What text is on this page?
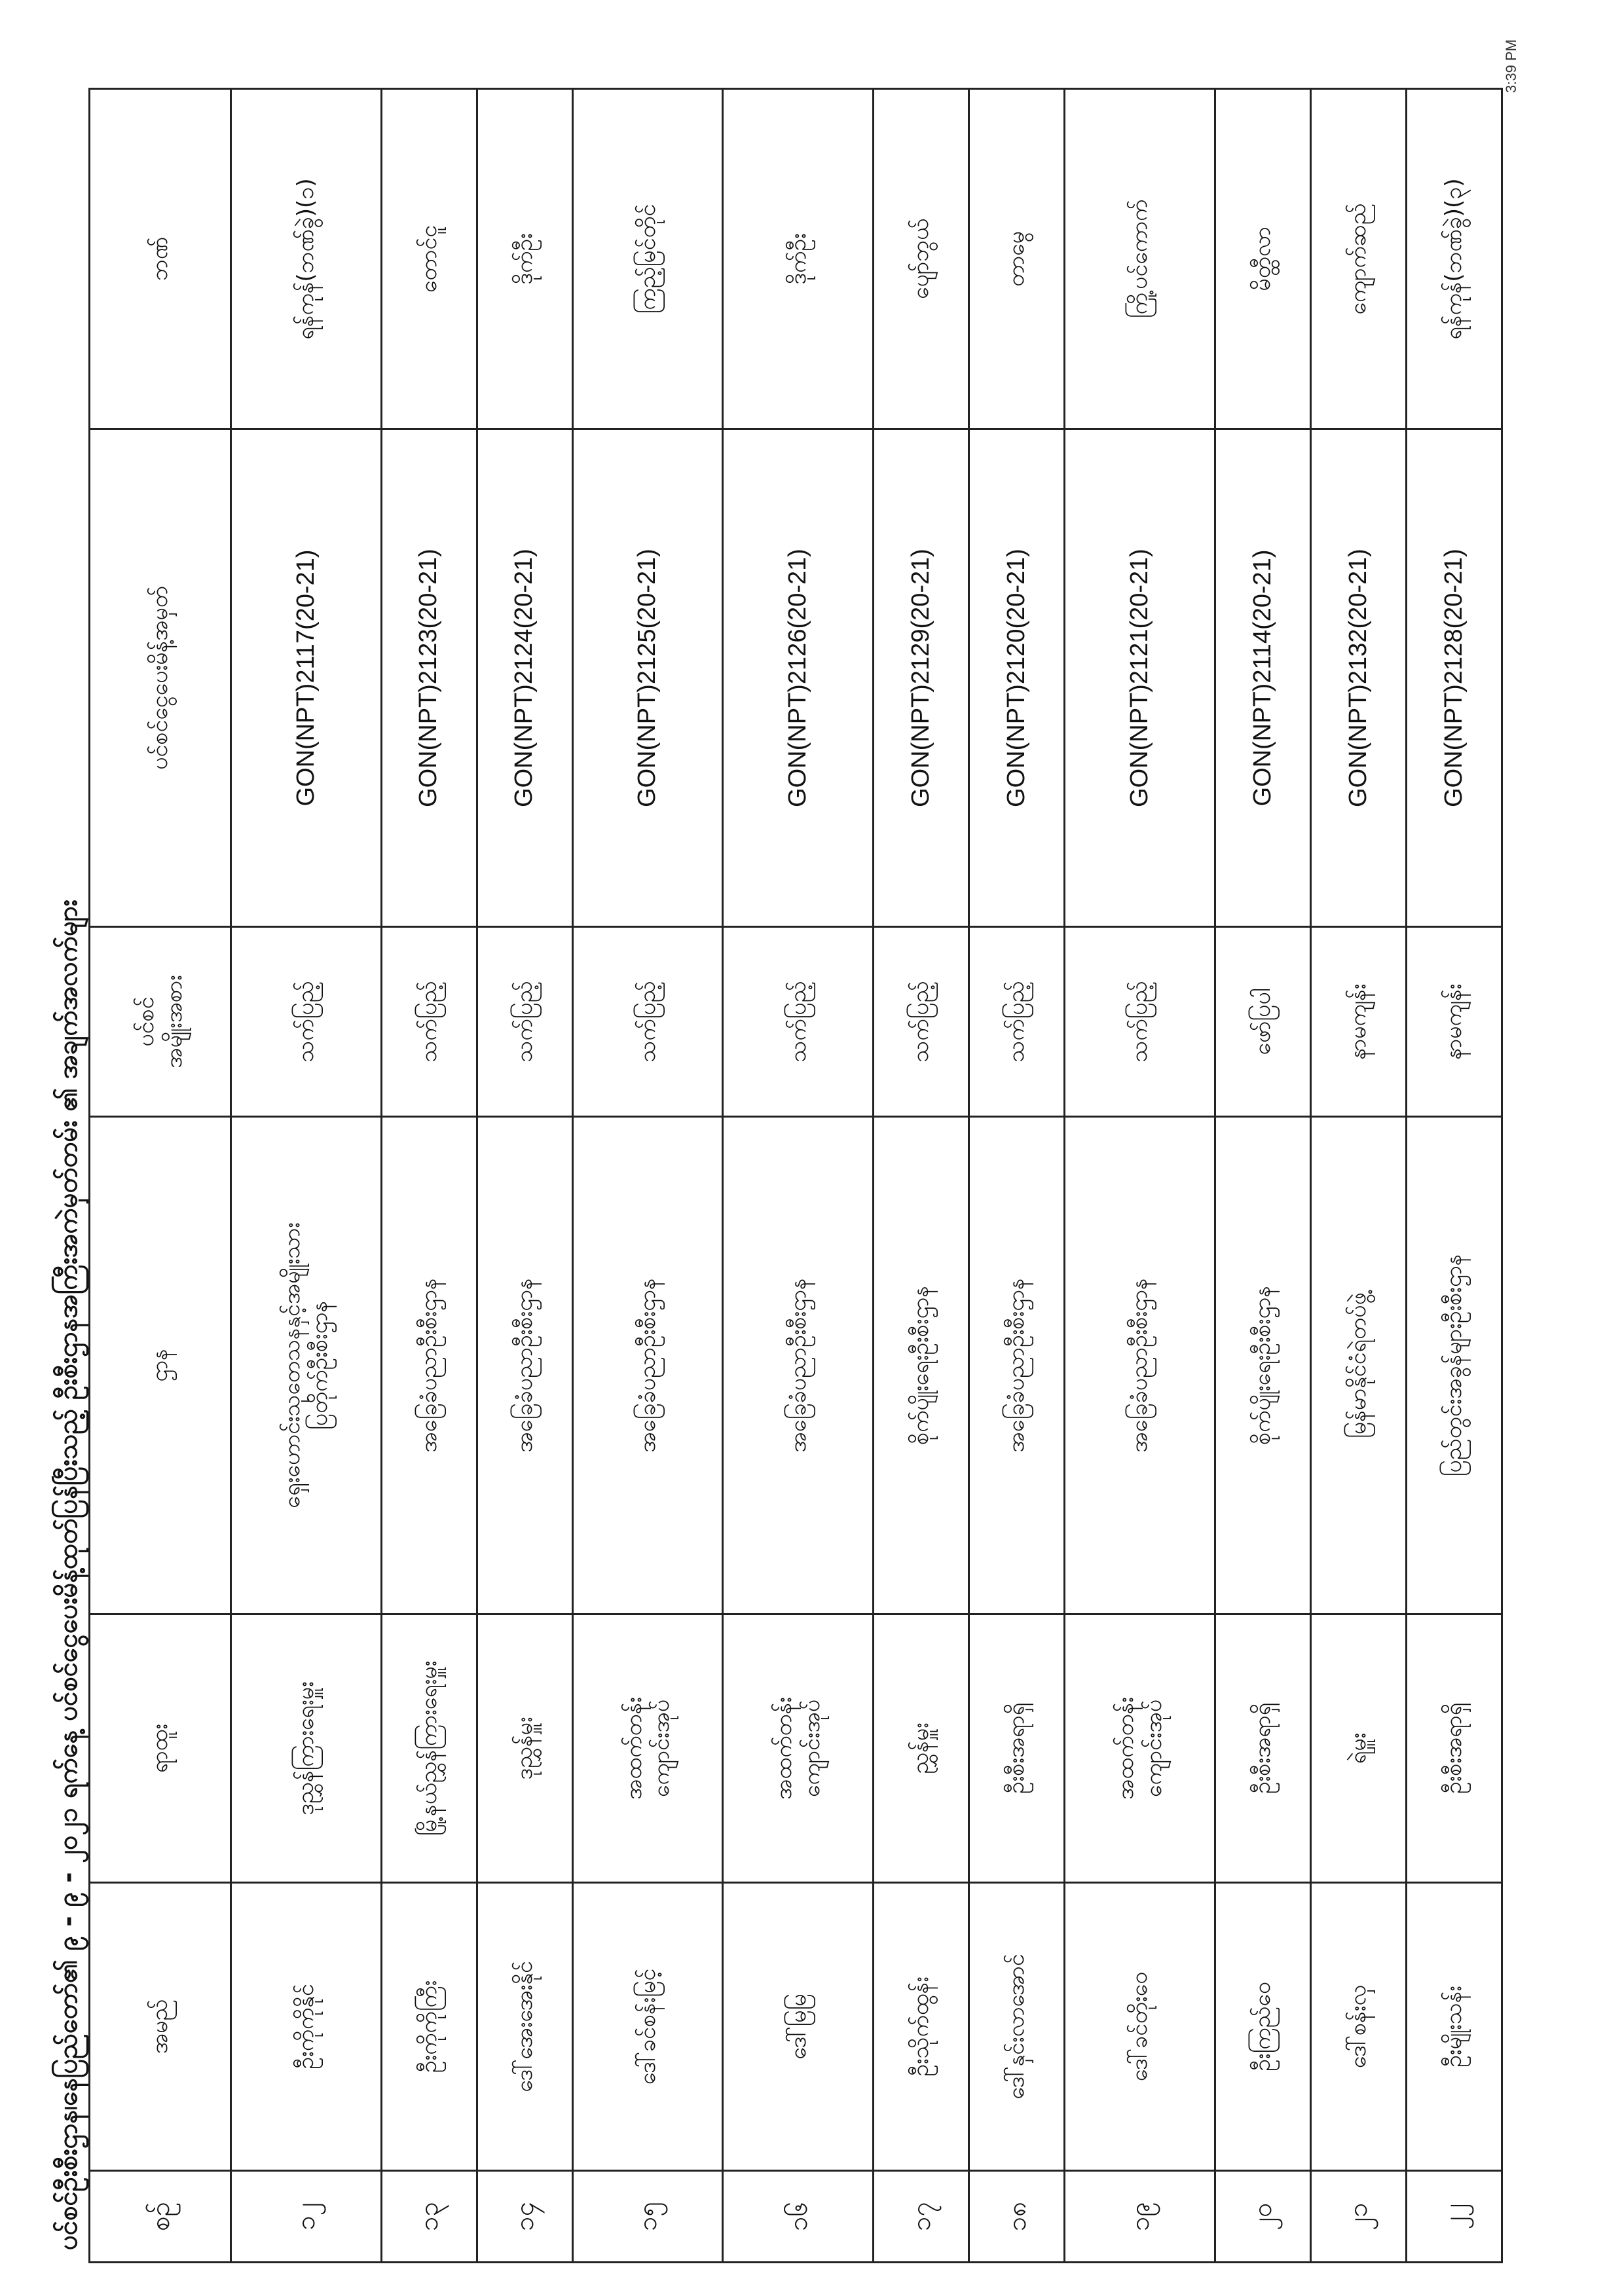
ပင်စင်ဦးစီးဌာန၊နေပြည်တော်၏ ၉ - ၉ - ၂၀၂၁ ရက်နေ့ ပင်စင်ငွေပေးမိန့်ထုတ်ပြန်ပြီးသည့် ဦးစီးဌာနအကြီးအကဲမှတ်တမ်း ၏ အချက်အလက်များ စဉ်	အမည်	ရာထူး	ဌာန	ပင်စင်
အမျိုးအစား	ပင်စင်ငွေပေးမိန့်အမှတ်	ဘဏ်
၁၂	ဦးကိုကိုနိုင်	ဒုညွှန်ကြားရေးမှူး	ရှေးဟောင်းသုတေသနနှင့်အမျိုးသား
ပြတိုက်ဦးစီးဌာန	သက်ပြည့်	GON(NPT)2117(20-21)	ရန်ကုန်(ဘဏ်ခွဲ)(၁)
၁၃	ဦးကိုကိုကြီး	မြို့နယ်ညွှန်ကြားရေးမှူး	အခြေခံပညာဦးစီးဌာန	သက်ပြည့်	GON(NPT)2123(20-21)	တောင်ငူ
၁၄	ဒေါ်အေးအေးနိုင်	ဒုညွှန်မှူး	အခြေခံပညာဦးစီးဌာန	သက်ပြည့်	GON(NPT)2124(20-21)	ဒိုက်ဦး
၁၅	ဒေါ်ခင်စန်းမြင့်	အထက်တန်း
ကျောင်းအုပ်	အခြေခံပညာဦးစီးဌာန	သက်ပြည့်	GON(NPT)2125(20-21)	ကြည့်မြင်တိုင်
၁၆	ဒေါ်မြမြ	အထက်တန်း
ကျောင်းအုပ်	အခြေခံပညာဦးစီးဌာန	သက်ပြည့်	GON(NPT)2126(20-21)	ဒိုက်ဦး
၁၇	ဦးသိုက်ထွန်း	ညွှန်မှူး	စိုက်ပျိုးရေးဦးစီးဌာန	သက်ပြည့်	GON(NPT)2129(20-21)	ပျော်ဘွယ်
၁၈	ဒေါ်နှင်းလာအောင်	ဦးစီးအရာရှိ	အခြေခံပညာဦးစီးဌာန	သက်ပြည့်	GON(NPT)2120(20-21)	တာမွေ
၁၉	ဒေါ်ခင်တိုးဝေ	အထက်တန်း
ကျောင်းအုပ်	အခြေခံပညာဦးစီးဌာန	သက်ပြည့်	GON(NPT)2121(20-21)	ကြို့ပင်ကောက်
၂၀	ဦးကြည်ဝေ	ဦးစီးအရာရှိ	စိုက်ပျိုးရေးဦးစီးဌာန	ဖော်ပြပါ	GON(NPT)2114(20-21)	မိတ္ထီလာ
၂၁	ဒေါ်စန်းလှ	ရဲမှူး	မြန်မာနိုင်ငံရဲတပ်ဖွဲ့	နာမကျန်း	GON(NPT)2132(20-21)	ကျောက်ဆည်
၂၂	ဦးမျိုးသန်း	ဦးစီးအရာရှိ	ပြည်တွင်းအခွန်များဦးစီးဌာန	နာမကျန်း	GON(NPT)2128(20-21)	ရန်ကုန်(ဘဏ်ခွဲ)(၃)
3:39 PM
